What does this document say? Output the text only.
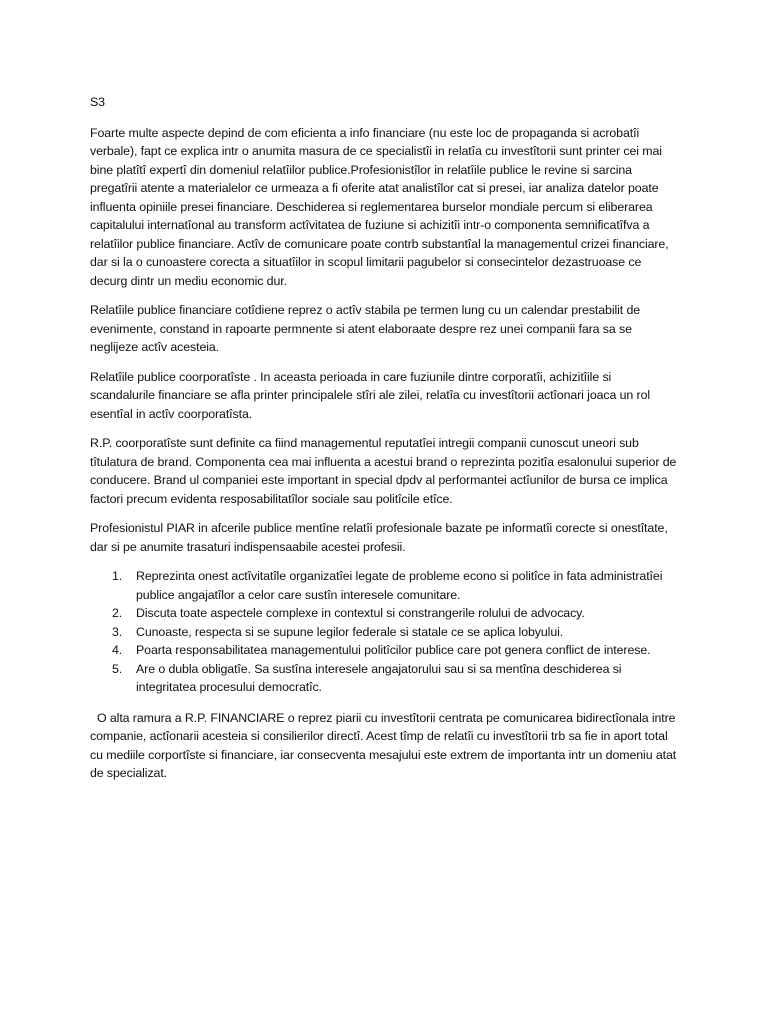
S3

Foarte multe aspecte depind de com eficienta a info financiare (nu este loc de propaganda si acrobatîi verbale), fapt ce explica intr o anumita masura de ce specialistîi in relatîa cu investîtorii sunt printer cei mai bine platîtî expertî din domeniul relatîilor publice.Profesionistîlor in relatîile publice le revine si sarcina pregatîrii atente a materialelor ce urmeaza a fi oferite atat analistîlor cat si presei, iar analiza datelor poate influenta opiniile presei financiare. Deschiderea si reglementarea burselor mondiale percum si eliberarea capitalului internatîonal au transform actîvitatea de fuziune si achizitîi intr-o componenta semnificatîfva a relatîilor publice financiare. Actîv de comunicare poate contrb substantîal la managementul crizei financiare, dar si la o cunoastere corecta a situatîilor in scopul limitarii pagubelor si consecintelor dezastruoase ce decurg dintr un mediu economic dur.

Relatîile publice financiare cotîdiene reprez o actîv stabila pe termen lung cu un calendar prestabilit de evenimente, constand in rapoarte permnente si atent elaboraate despre rez unei companii fara sa se neglijeze actîv acesteia.

Relatîile publice coorporatîste . In aceasta perioada in care fuziunile dintre corporatîi, achizitîile si scandalurile financiare se afla printer principalele stîri ale zilei, relatîa cu investîtorii actîonari joaca un rol esentîal in actîv coorporatîsta.

R.P. coorporatîste sunt definite ca fiind managementul reputatîei intregii companii cunoscut uneori sub tîtulatura de brand. Componenta cea mai influenta a acestui brand o reprezinta pozitîa esalonului superior de conducere. Brand ul companiei este important in special dpdv al performantei actîunilor de bursa ce implica factori precum evidenta resposabilitatîlor sociale sau politîcile etîce.

Profesionistul PIAR in afcerile publice mentîne relatîi profesionale bazate pe informatîi corecte si onestîtate, dar si pe anumite trasaturi indispensaabile acestei profesii.

1. Reprezinta onest actîvitatîle organizatîei legate de probleme econo si politîce in fata administratîei publice angajatîlor a celor care sustîn interesele comunitare.
2. Discuta toate aspectele complexe in contextul si constrangerile rolului de advocacy.
3. Cunoaste, respecta si se supune legilor federale si statale ce se aplica lobyului.
4. Poarta responsabilitatea managementului politîcilor publice care pot genera conflict de interese.
5. Are o dubla obligatîe. Sa sustîna interesele angajatorului sau si sa mentîna deschiderea si integritatea procesului democratîc.

O alta ramura a R.P. FINANCIARE o reprez piarii cu investîtorii centrata pe comunicarea bidirectîonala intre companie, actîonarii acesteia si consilierilor directî. Acest tîmp de relatîi cu investîtorii trb sa fie in aport total cu mediile corportîste si financiare, iar consecventa mesajului este extrem de importanta intr un domeniu atat de specializat.
